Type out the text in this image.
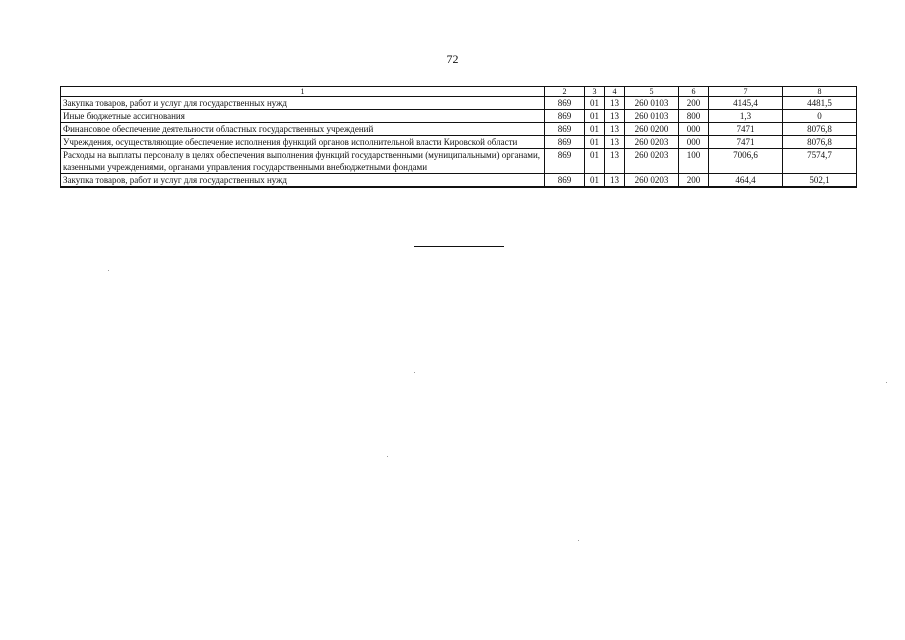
72
1	2	3	4	5	6	7	8
Закупка товаров, работ и услуг для государственных нужд	869	01	13	260 0103	200	4145,4	4481,5
Иные бюджетные ассигнования	869	01	13	260 0103	800	1,3	0
Финансовое обеспечение деятельности областных государственных учреждений	869	01	13	260 0200	000	7471	8076,8
Учреждения, осуществляющие обеспечение исполнения функций органов исполнительной власти Кировской области	869	01	13	260 0203	000	7471	8076,8
Расходы на выплаты персоналу в целях обеспечения выполнения функций государственными (муниципальными) органами, казенными учреждениями, органами управления государственными внебюджетными фондами	869	01	13	260 0203	100	7006,6	7574,7
Закупка товаров, работ и услуг для государственных нужд	869	01	13	260 0203	200	464,4	502,1
